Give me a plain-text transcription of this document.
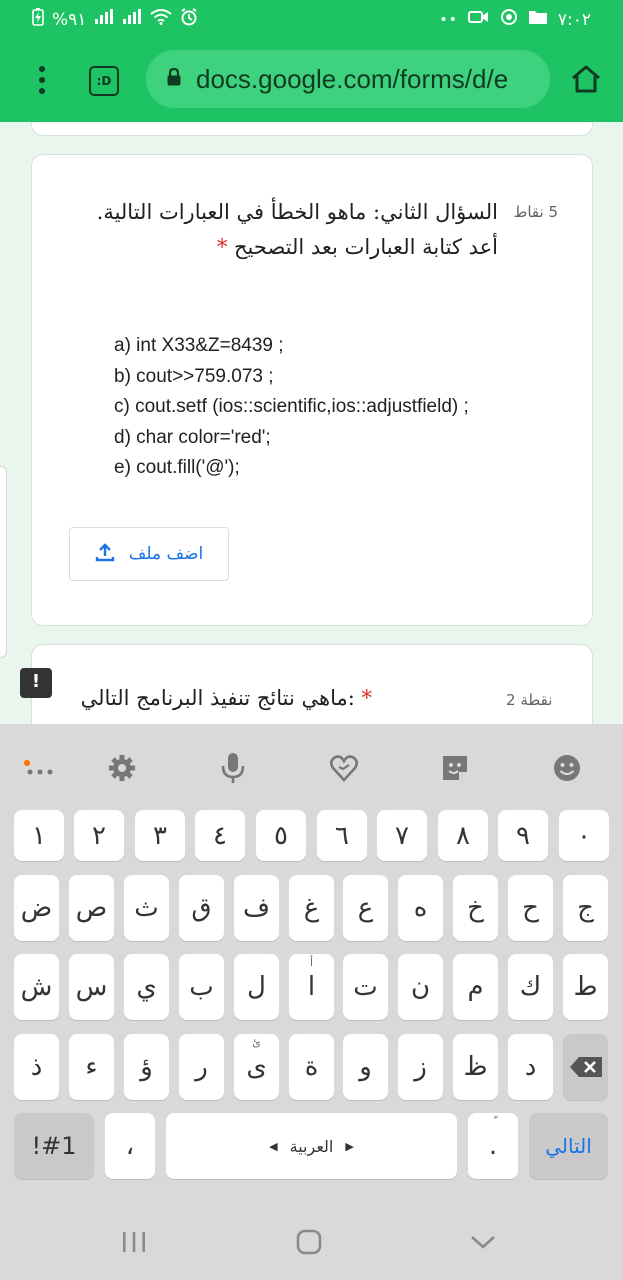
%٩١	••	٧:٠٢
:D	docs.google.com/forms/d/e
5 نقاط
السؤال الثاني: ماهو الخطأ في العبارات التالية. أعد كتابة العبارات بعد التصحيح *
a) int X33&Z=8439 ;
b) cout>>759.073 ;
c) cout.setf (ios::scientific,ios::adjustfield) ;
d) char color='red';
e) cout.fill('@');
اضف ملف
نقطة 2
* :ماهي نتائج تنفيذ البرنامج التالي
!
١	٢	٣	٤	٥	٦	٧	٨	٩	٠
ض ص	ث	ق	ف	غ	ع	ه	خ	ح	ج
ش س	ي	ب	ل
أ
ا	ت	ن	م	ك	ط
ذ	ء	ؤ	ر
ئ
ى	ة	و	ز	ظ	د
!#1	،	◀ العربية ▶	.	التالي
